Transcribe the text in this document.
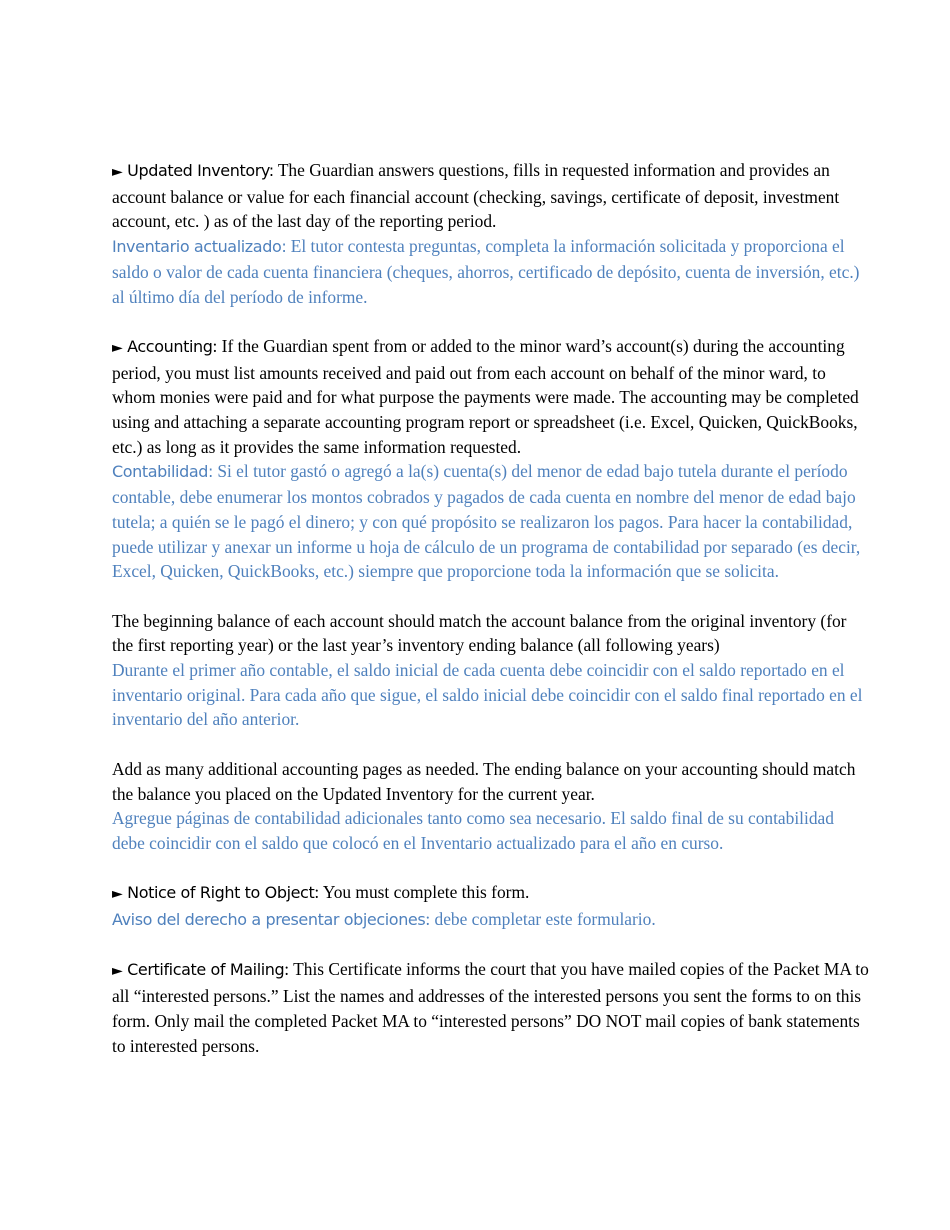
► Updated Inventory: The Guardian answers questions, fills in requested information and provides an account balance or value for each financial account (checking, savings, certificate of deposit, investment account, etc. ) as of the last day of the reporting period.

Inventario actualizado: El tutor contesta preguntas, completa la información solicitada y proporciona el saldo o valor de cada cuenta financiera (cheques, ahorros, certificado de depósito, cuenta de inversión, etc.) al último día del período de informe.

► Accounting: If the Guardian spent from or added to the minor ward’s account(s) during the accounting period, you must list amounts received and paid out from each account on behalf of the minor ward, to whom monies were paid and for what purpose the payments were made. The accounting may be completed using and attaching a separate accounting program report or spreadsheet (i.e. Excel, Quicken, QuickBooks, etc.) as long as it provides the same information requested.

Contabilidad: Si el tutor gastó o agregó a la(s) cuenta(s) del menor de edad bajo tutela durante el período contable, debe enumerar los montos cobrados y pagados de cada cuenta en nombre del menor de edad bajo tutela; a quién se le pagó el dinero; y con qué propósito se realizaron los pagos. Para hacer la contabilidad, puede utilizar y anexar un informe u hoja de cálculo de un programa de contabilidad por separado (es decir, Excel, Quicken, QuickBooks, etc.) siempre que proporcione toda la información que se solicita.

The beginning balance of each account should match the account balance from the original inventory (for the first reporting year) or the last year’s inventory ending balance (all following years)

Durante el primer año contable, el saldo inicial de cada cuenta debe coincidir con el saldo reportado en el inventario original. Para cada año que sigue, el saldo inicial debe coincidir con el saldo final reportado en el inventario del año anterior.

Add as many additional accounting pages as needed. The ending balance on your accounting should match the balance you placed on the Updated Inventory for the current year.

Agregue páginas de contabilidad adicionales tanto como sea necesario. El saldo final de su contabilidad debe coincidir con el saldo que colocó en el Inventario actualizado para el año en curso.

► Notice of Right to Object: You must complete this form.

Aviso del derecho a presentar objeciones: debe completar este formulario.

► Certificate of Mailing: This Certificate informs the court that you have mailed copies of the Packet MA to all “interested persons.” List the names and addresses of the interested persons you sent the forms to on this form. Only mail the completed Packet MA to “interested persons” DO NOT mail copies of bank statements to interested persons.
